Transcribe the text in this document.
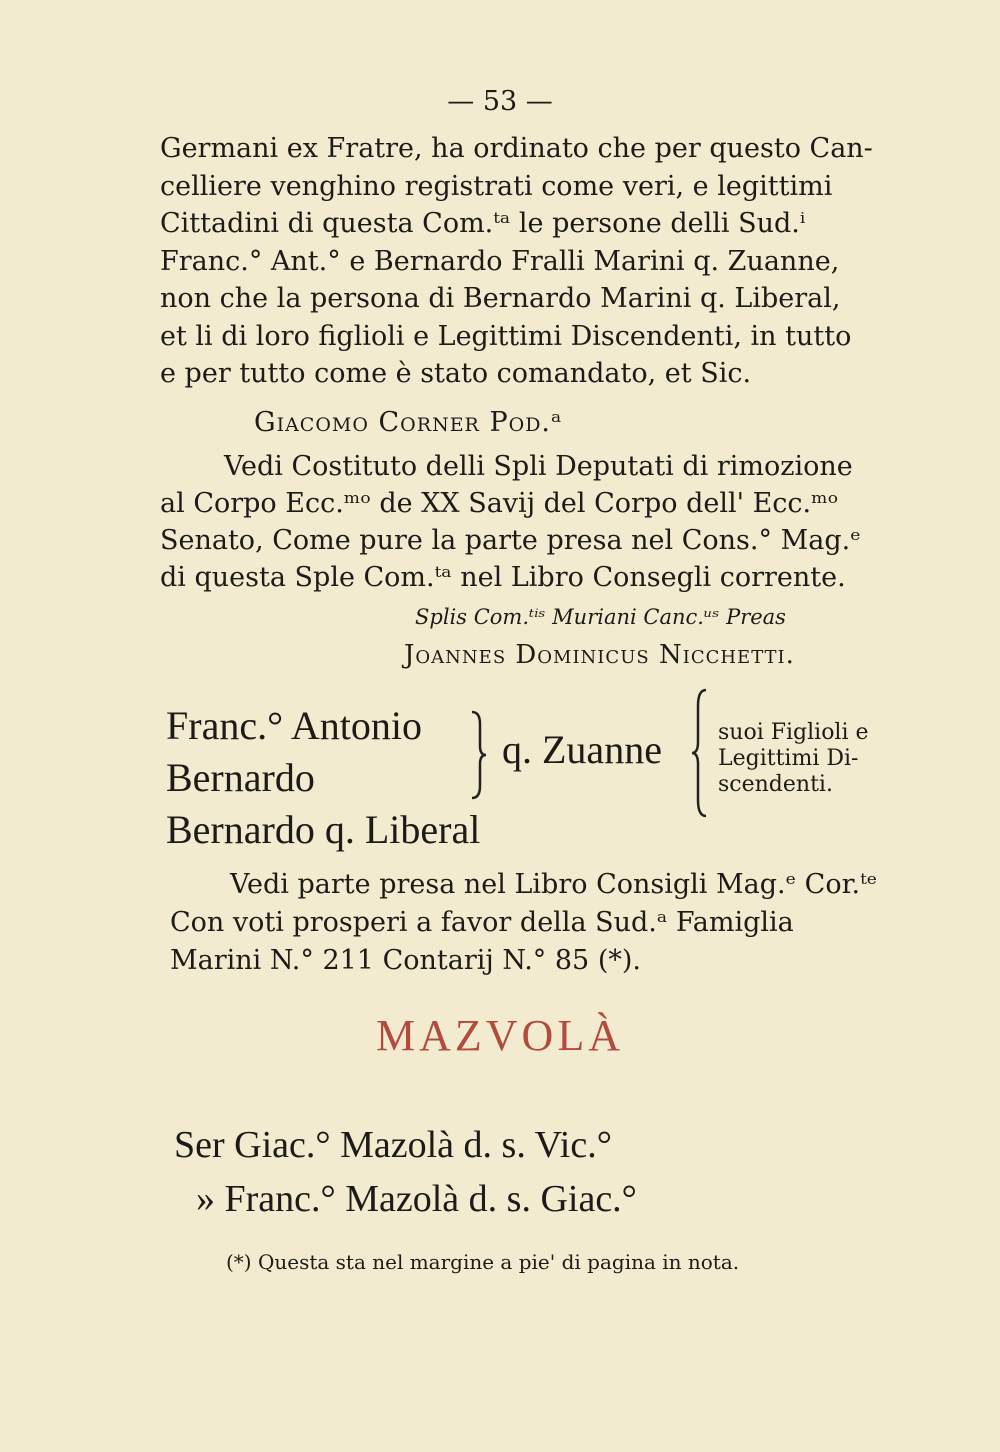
— 53 —
Germani ex Fratre, ha ordinato che per questo Can-
celliere venghino registrati come veri, e legittimi
Cittadini di questa Com.ᵗᵃ le persone delli Sud.ⁱ
Franc.° Ant.° e Bernardo Fralli Marini q. Zuanne,
non che la persona di Bernardo Marini q. Liberal,
et li di loro figlioli e Legittimi Discendenti, in tutto
e per tutto come è stato comandato, et Sic.
Giacomo Corner Pod.ᵃ
Vedi Costituto delli Spli Deputati di rimozione
al Corpo Ecc.ᵐᵒ de XX Savij del Corpo dell' Ecc.ᵐᵒ
Senato, Come pure la parte presa nel Cons.° Mag.ᵉ
di questa Sple Com.ᵗᵃ nel Libro Consegli corrente.
Splis Com.ᵗⁱˢ Muriani Canc.ᵘˢ Preas
Joannes Dominicus Nicchetti.
Franc.° Antonio
Bernardo
Bernardo q. Liberal
q. Zuanne	suoi Figlioli e
Legittimi Di-
scendenti.
Vedi parte presa nel Libro Consigli Mag.ᵉ Cor.ᵗᵉ
Con voti prosperi a favor della Sud.ᵃ Famiglia
Marini N.° 211 Contarij N.° 85 (*).
MAZVOLÀ
Ser Giac.° Mazolà d. s. Vic.°
» Franc.° Mazolà d. s. Giac.°
(*) Questa sta nel margine a pie' di pagina in nota.
